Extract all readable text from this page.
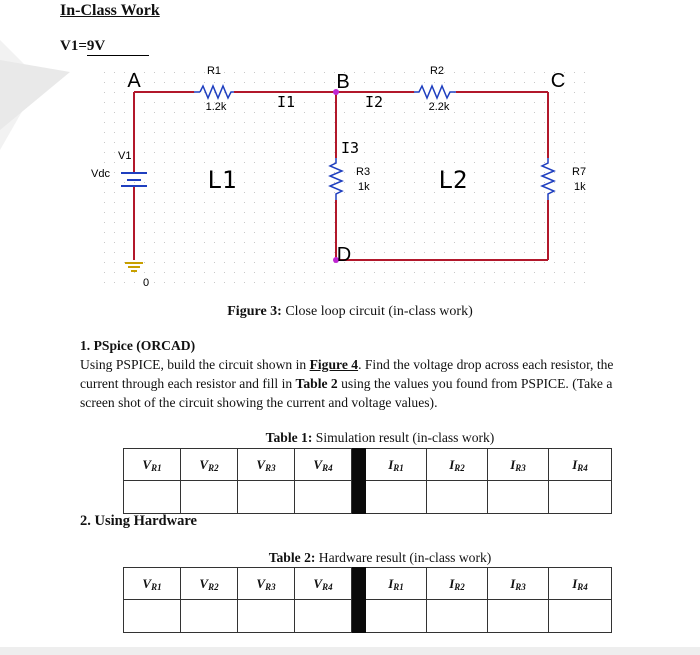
In-Class Work
V1=9V
R1
1.2k
R2
2.2k
R3
1k
R7
1k
V1
Vdc
0
A	B	C
D
I1	I2
I3
L1	L2
Figure 3: Close loop circuit (in-class work)
1. PSpice (ORCAD)
Using PSPICE, build the circuit shown in Figure 4. Find the voltage drop across each resistor, the current through each resistor and fill in Table 2 using the values you found from PSPICE. (Take a screen shot of the circuit showing the current and voltage values).
Table 1: Simulation result (in-class work)
VR1	VR2	VR3	VR4		IR1	IR2	IR3	IR4

2. Using Hardware
Table 2: Hardware result (in-class work)
VR1	VR2	VR3	VR4		IR1	IR2	IR3	IR4
